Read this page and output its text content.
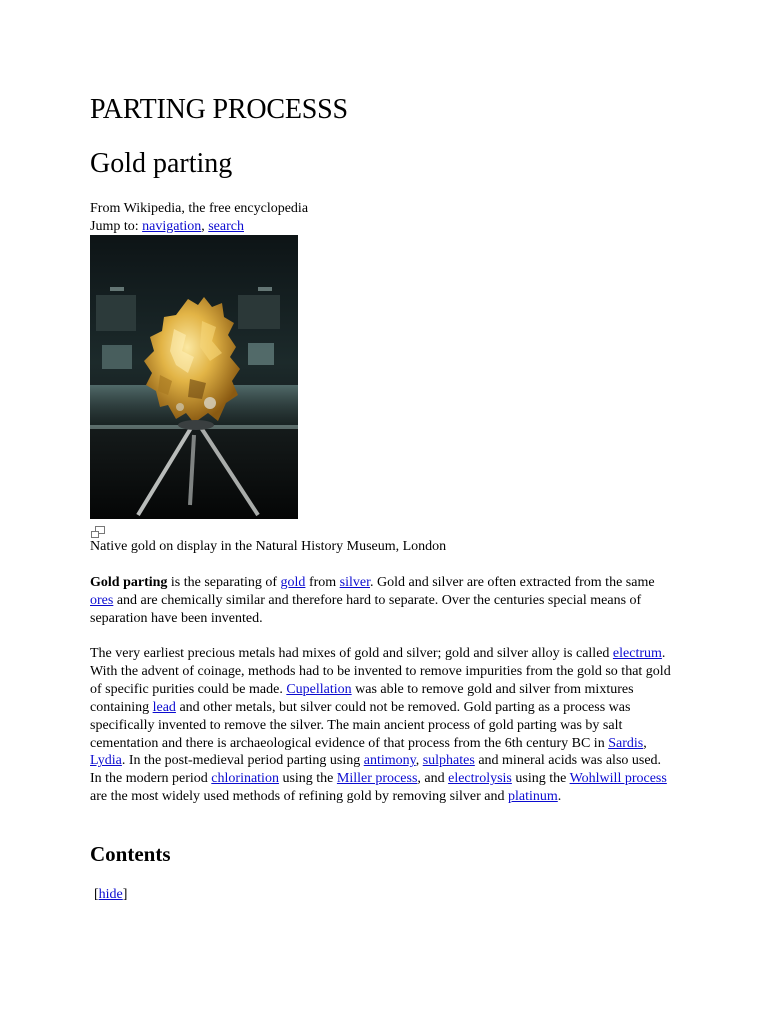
PARTING PROCESSS
Gold parting
From Wikipedia, the free encyclopedia
Jump to: navigation, search
Native gold on display in the Natural History Museum, London

Gold parting is the separating of gold from silver. Gold and silver are often extracted from the same ores and are chemically similar and therefore hard to separate. Over the centuries special means of separation have been invented.

The very earliest precious metals had mixes of gold and silver; gold and silver alloy is called electrum. With the advent of coinage, methods had to be invented to remove impurities from the gold so that gold of specific purities could be made. Cupellation was able to remove gold and silver from mixtures containing lead and other metals, but silver could not be removed. Gold parting as a process was specifically invented to remove the silver. The main ancient process of gold parting was by salt cementation and there is archaeological evidence of that process from the 6th century BC in Sardis, Lydia. In the post-medieval period parting using antimony, sulphates and mineral acids was also used. In the modern period chlorination using the Miller process, and electrolysis using the Wohlwill process are the most widely used methods of refining gold by removing silver and platinum.

Contents
[hide]
